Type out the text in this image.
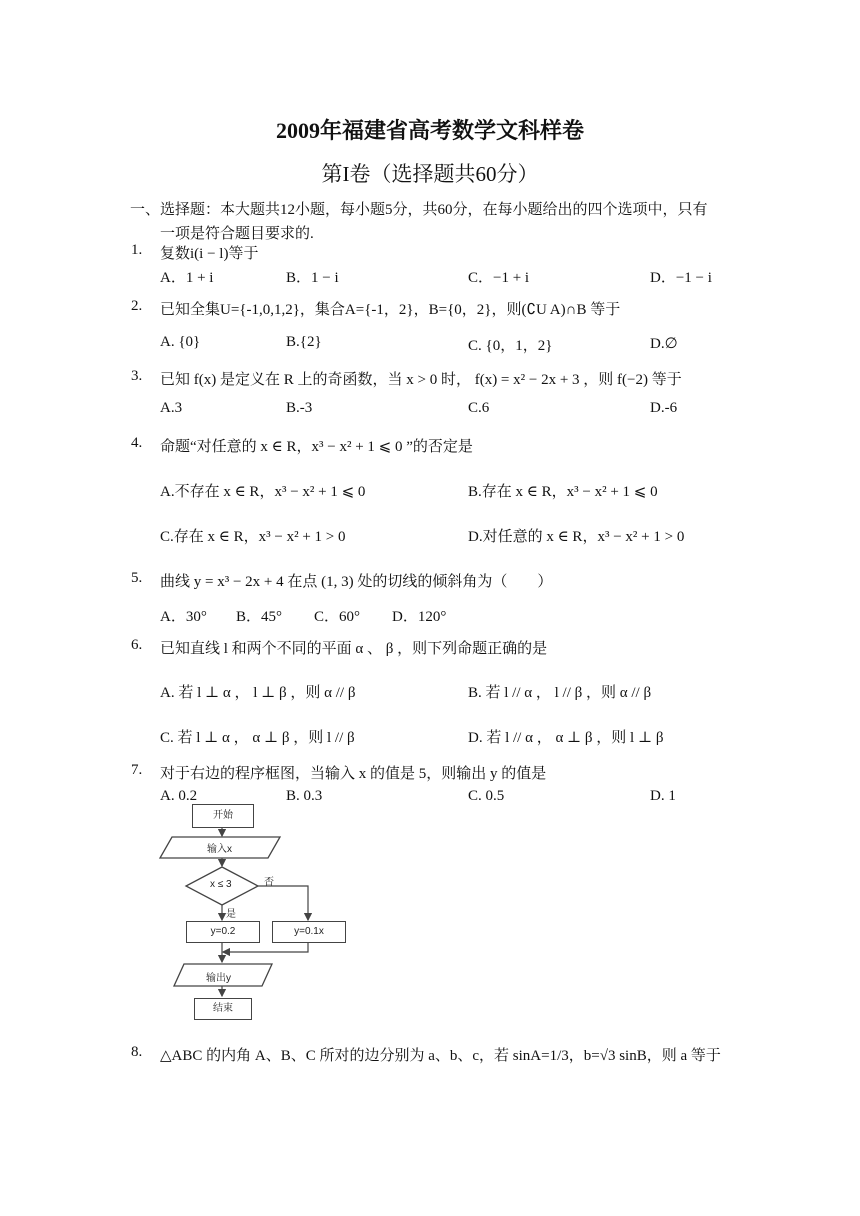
2009年福建省高考数学文科样卷
第I卷（选择题共60分）
一、选择题：本大题共12小题，每小题5分，共60分，在每小题给出的四个选项中，只有
一项是符合题目要求的.
1. 复数i(i − l)等于
A．1 + i	B．1 − i	C．−1 + i	D．−1 − i
2. 已知全集U={-1,0,1,2}，集合A={-1，2}，B={0，2}，则(∁U A)∩B 等于
A. {0}	B.{2}	C. {0，1，2}	D.∅
3. 已知 f(x) 是定义在 R 上的奇函数，当 x > 0 时， f(x) = x² − 2x + 3 ，则 f(−2) 等于
A.3	B.-3	C.6	D.-6
4. 命题“对任意的 x ∈ R，x³ − x² + 1 ⩽ 0 ”的否定是
A.不存在 x ∈ R，x³ − x² + 1 ⩽ 0	B.存在 x ∈ R，x³ − x² + 1 ⩽ 0
C.存在 x ∈ R，x³ − x² + 1 > 0	D.对任意的 x ∈ R，x³ − x² + 1 > 0
5. 曲线 y = x³ − 2x + 4 在点 (1, 3) 处的切线的倾斜角为（　　）
A．30° B．45° C．60° D．120°
6. 已知直线 l 和两个不同的平面 α 、 β ，则下列命题正确的是
A. 若 l ⊥ α ， l ⊥ β ，则 α // β	B. 若 l // α ， l // β ，则 α // β
C. 若 l ⊥ α ， α ⊥ β ，则 l // β	D. 若 l // α ， α ⊥ β ，则 l ⊥ β
7. 对于右边的程序框图，当输入 x 的值是 5，则输出 y 的值是
A. 0.2	B. 0.3	C. 0.5	D. 1
开始
输入x
x ≤ 3	否
是
y=0.2	y=0.1x
输出y
结束
8. △ABC 的内角 A、B、C 所对的边分别为 a、b、c，若 sinA=1/3，b=√3 sinB，则 a 等于
